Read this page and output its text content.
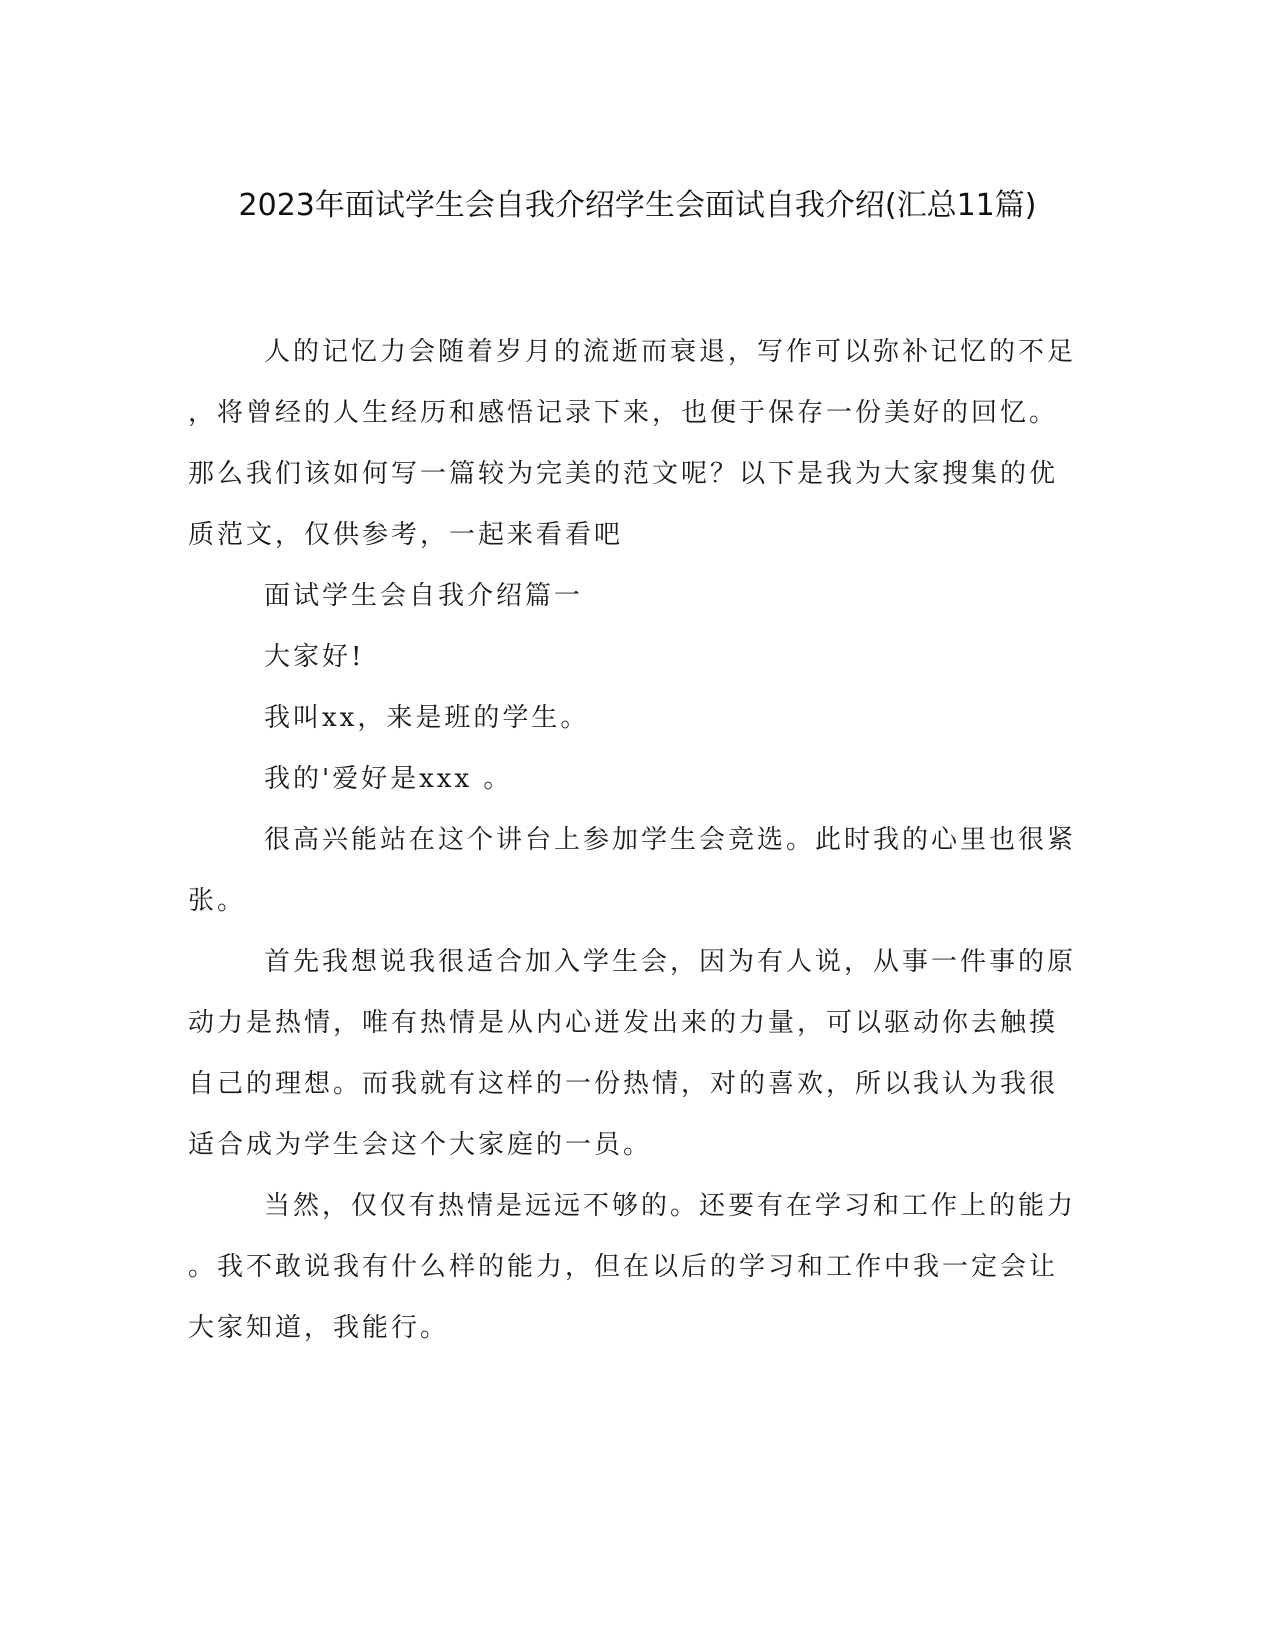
2023年面试学生会自我介绍学生会面试自我介绍(汇总11篇)
人的记忆力会随着岁月的流逝而衰退，写作可以弥补记忆的不足
，将曾经的人生经历和感悟记录下来，也便于保存一份美好的回忆。
那么我们该如何写一篇较为完美的范文呢？以下是我为大家搜集的优
质范文，仅供参考，一起来看看吧
面试学生会自我介绍篇一
大家好!
我叫xx，来是班的学生。
我的'爱好是xxx 。
很高兴能站在这个讲台上参加学生会竞选。此时我的心里也很紧
张。
首先我想说我很适合加入学生会，因为有人说，从事一件事的原
动力是热情，唯有热情是从内心迸发出来的力量，可以驱动你去触摸
自己的理想。而我就有这样的一份热情，对的喜欢，所以我认为我很
适合成为学生会这个大家庭的一员。
当然，仅仅有热情是远远不够的。还要有在学习和工作上的能力
。我不敢说我有什么样的能力，但在以后的学习和工作中我一定会让
大家知道，我能行。
